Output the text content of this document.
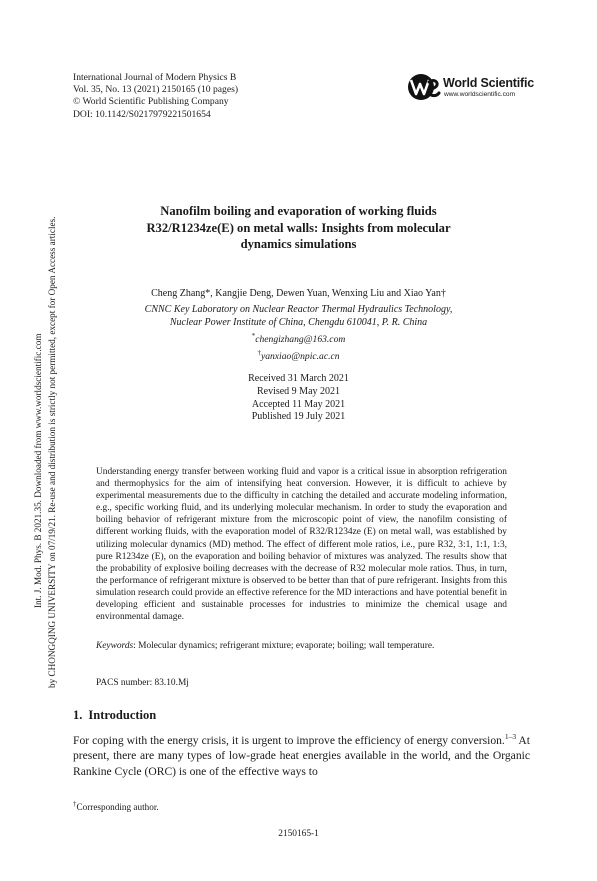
International Journal of Modern Physics B
Vol. 35, No. 13 (2021) 2150165 (10 pages)
© World Scientific Publishing Company
DOI: 10.1142/S0217979221501654
World Scientific
www.worldscientific.com
Int. J. Mod. Phys. B 2021.35. Downloaded from www.worldscientific.com by CHONGQING UNIVERSITY on 07/19/21. Re-use and distribution is strictly not permitted, except for Open Access articles.
Nanofilm boiling and evaporation of working fluids
R32/R1234ze(E) on metal walls: Insights from molecular
dynamics simulations
Cheng Zhang*, Kangjie Deng, Dewen Yuan, Wenxing Liu and Xiao Yan†
CNNC Key Laboratory on Nuclear Reactor Thermal Hydraulics Technology,
Nuclear Power Institute of China, Chengdu 610041, P. R. China
*chengizhang@163.com
†yanxiao@npic.ac.cn
Received 31 March 2021
Revised 9 May 2021
Accepted 11 May 2021
Published 19 July 2021
Understanding energy transfer between working fluid and vapor is a critical issue in absorption refrigeration and thermophysics for the aim of intensifying heat conversion. However, it is difficult to achieve by experimental measurements due to the difficulty in catching the detailed and accurate modeling information, e.g., specific working fluid, and its underlying molecular mechanism. In order to study the evaporation and boiling behavior of refrigerant mixture from the microscopic point of view, the nanofilm consisting of different working fluids, with the evaporation model of R32/R1234ze (E) on metal wall, was established by utilizing molecular dynamics (MD) method. The effect of different mole ratios, i.e., pure R32, 3:1, 1:1, 1:3, pure R1234ze (E), on the evaporation and boiling behavior of mixtures was analyzed. The results show that the probability of explosive boiling decreases with the decrease of R32 molecular mole ratios. Thus, in turn, the performance of refrigerant mixture is observed to be better than that of pure refrigerant. Insights from this simulation research could provide an effective reference for the MD interactions and have potential benefit in developing efficient and sustainable processes for industries to minimize the chemical usage and environmental damage.
Keywords: Molecular dynamics; refrigerant mixture; evaporate; boiling; wall temperature.
PACS number: 83.10.Mj
1. Introduction
For coping with the energy crisis, it is urgent to improve the efficiency of energy conversion.$^{1-3}$ At present, there are many types of low-grade heat energies available in the world, and the Organic Rankine Cycle (ORC) is one of the effective ways to
†Corresponding author.
2150165-1
